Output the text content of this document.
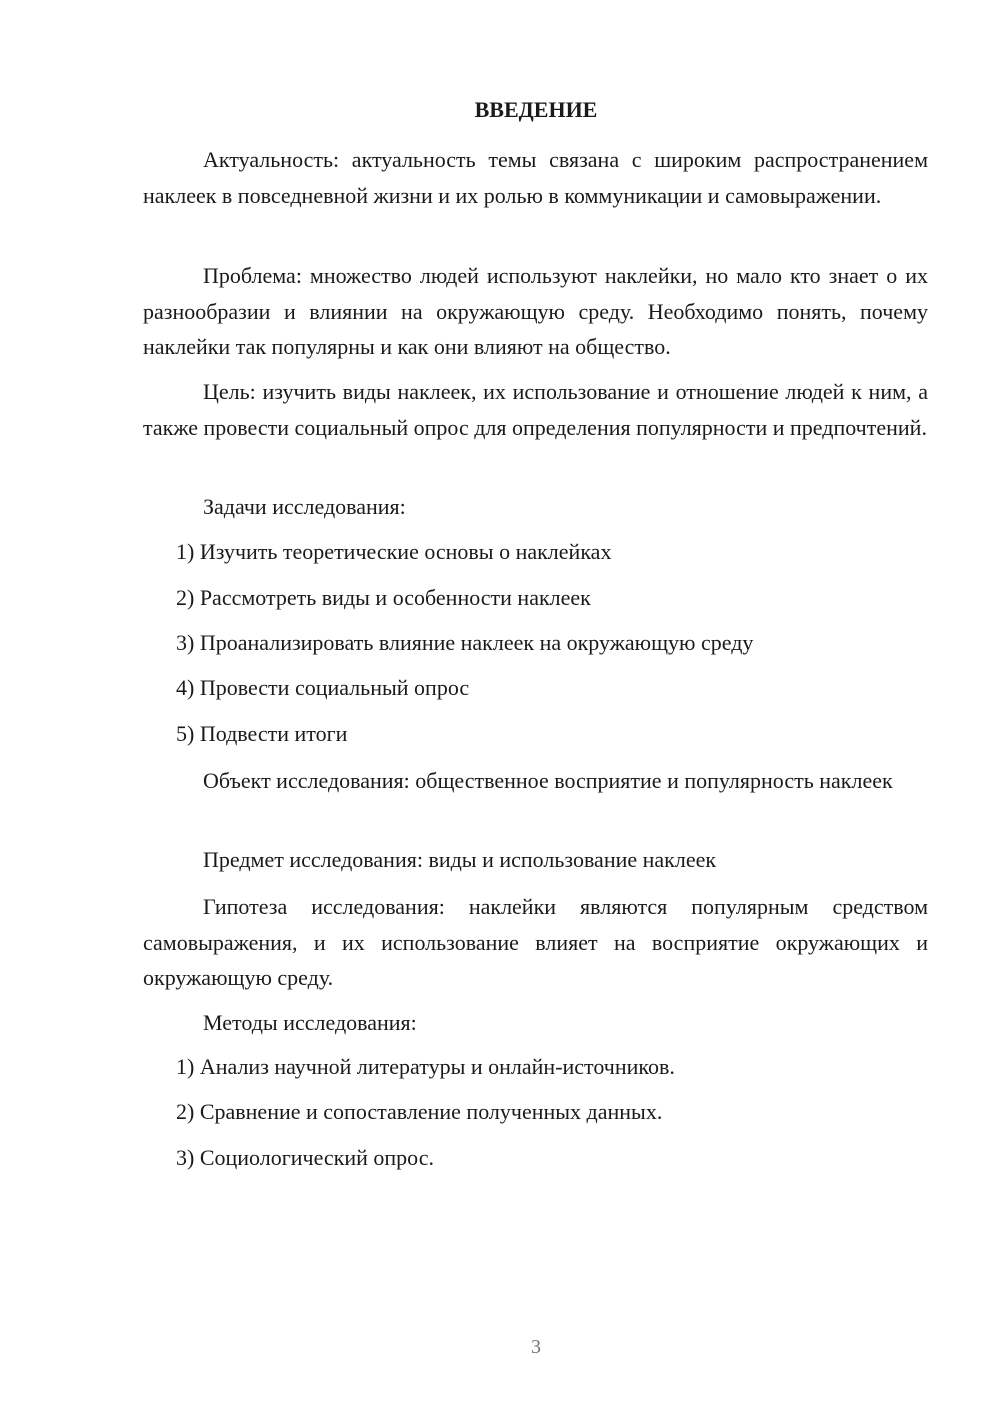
ВВЕДЕНИЕ
Актуальность: актуальность темы связана с широким распространением наклеек в повседневной жизни и их ролью в коммуникации и самовыражении.
Проблема: множество людей используют наклейки, но мало кто знает о их разнообразии и влиянии на окружающую среду. Необходимо понять, почему наклейки так популярны и как они влияют на общество.
Цель: изучить виды наклеек, их использование и отношение людей к ним, а также провести социальный опрос для определения популярности и предпочтений.
Задачи исследования:
1) Изучить теоретические основы о наклейках
2) Рассмотреть виды и особенности наклеек
3) Проанализировать влияние наклеек на окружающую среду
4) Провести социальный опрос
5) Подвести итоги
Объект исследования: общественное восприятие и популярность наклеек
Предмет исследования: виды и использование наклеек
Гипотеза исследования: наклейки являются популярным средством самовыражения, и их использование влияет на восприятие окружающих и окружающую среду.
Методы исследования:
1) Анализ научной литературы и онлайн-источников.
2) Сравнение и сопоставление полученных данных.
3) Социологический опрос.
3
